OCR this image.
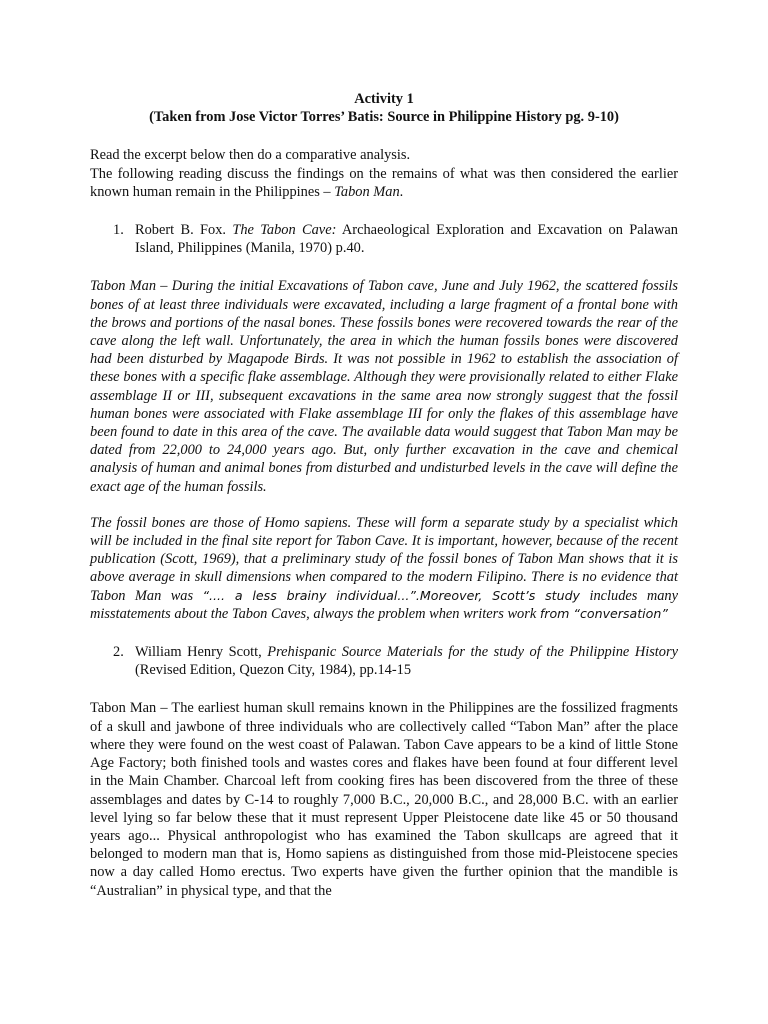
Activity 1

(Taken from Jose Victor Torres’ Batis: Source in Philippine History pg. 9-10)

Read the excerpt below then do a comparative analysis.

The following reading discuss the findings on the remains of what was then considered the earlier known human remain in the Philippines – Tabon Man.

1. Robert B. Fox. The Tabon Cave: Archaeological Exploration and Excavation on Palawan Island, Philippines (Manila, 1970) p.40.

Tabon Man – During the initial Excavations of Tabon cave, June and July 1962, the scattered fossils bones of at least three individuals were excavated, including a large fragment of a frontal bone with the brows and portions of the nasal bones. These fossils bones were recovered towards the rear of the cave along the left wall. Unfortunately, the area in which the human fossils bones were discovered had been disturbed by Magapode Birds. It was not possible in 1962 to establish the association of these bones with a specific flake assemblage. Although they were provisionally related to either Flake assemblage II or III, subsequent excavations in the same area now strongly suggest that the fossil human bones were associated with Flake assemblage III for only the flakes of this assemblage have been found to date in this area of the cave. The available data would suggest that Tabon Man may be dated from 22,000 to 24,000 years ago. But, only further excavation in the cave and chemical analysis of human and animal bones from disturbed and undisturbed levels in the cave will define the exact age of the human fossils.

The fossil bones are those of Homo sapiens. These will form a separate study by a specialist which will be included in the final site report for Tabon Cave. It is important, however, because of the recent publication (Scott, 1969), that a preliminary study of the fossil bones of Tabon Man shows that it is above average in skull dimensions when compared to the modern Filipino. There is no evidence that Tabon Man was “.... a less brainy individual...”.Moreover, Scott’s study includes many misstatements about the Tabon Caves, always the problem when writers work from “conversation”

2. William Henry Scott, Prehispanic Source Materials for the study of the Philippine History (Revised Edition, Quezon City, 1984), pp.14-15

Tabon Man – The earliest human skull remains known in the Philippines are the fossilized fragments of a skull and jawbone of three individuals who are collectively called “Tabon Man” after the place where they were found on the west coast of Palawan. Tabon Cave appears to be a kind of little Stone Age Factory; both finished tools and wastes cores and flakes have been found at four different level in the Main Chamber. Charcoal left from cooking fires has been discovered from the three of these assemblages and dates by C-14 to roughly 7,000 B.C., 20,000 B.C., and 28,000 B.C. with an earlier level lying so far below these that it must represent Upper Pleistocene date like 45 or 50 thousand years ago... Physical anthropologist who has examined the Tabon skullcaps are agreed that it belonged to modern man that is, Homo sapiens as distinguished from those mid-Pleistocene species now a day called Homo erectus. Two experts have given the further opinion that the mandible is “Australian” in physical type, and that the
